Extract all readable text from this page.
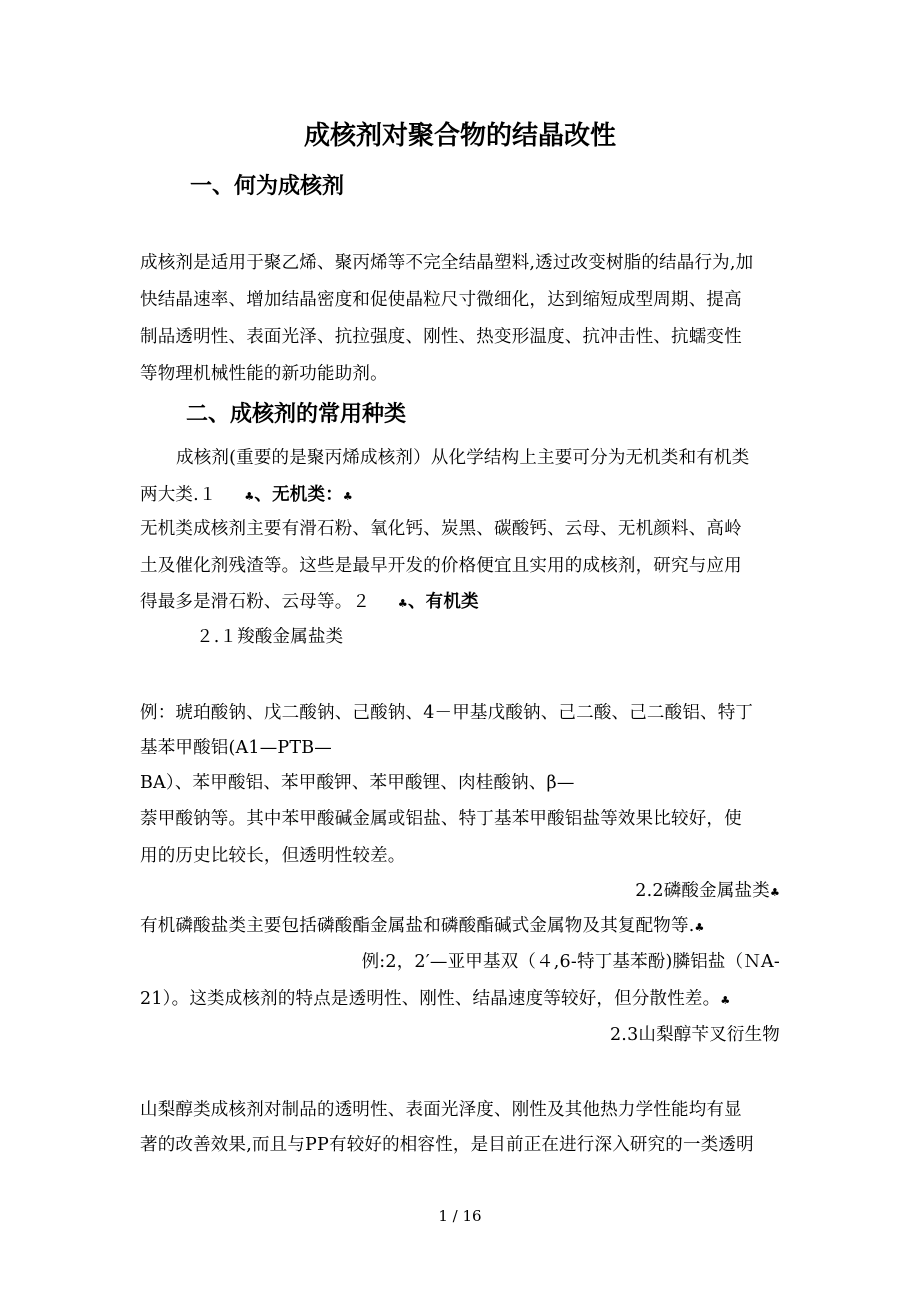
成核剂对聚合物的结晶改性
一、何为成核剂
成核剂是适用于聚乙烯、聚丙烯等不完全结晶塑料,透过改变树脂的结晶行为,加
快结晶速率、增加结晶密度和促使晶粒尺寸微细化，达到缩短成型周期、提高
制品透明性、表面光泽、抗拉强度、刚性、热变形温度、抗冲击性、抗蠕变性
等物理机械性能的新功能助剂。
二、成核剂的常用种类
成核剂(重要的是聚丙烯成核剂）从化学结构上主要可分为无机类和有机类
两大类.１ ♣、无机类：♣
无机类成核剂主要有滑石粉、氧化钙、炭黑、碳酸钙、云母、无机颜料、高岭
土及催化剂残渣等。这些是最早开发的价格便宜且实用的成核剂，研究与应用
得最多是滑石粉、云母等。２ ♣、有机类
２.１羧酸金属盐类
例：琥珀酸钠、戊二酸钠、己酸钠、4－甲基戊酸钠、己二酸、己二酸铝、特丁
基苯甲酸铝(A1—PTB—
BA）、苯甲酸铝、苯甲酸钾、苯甲酸锂、肉桂酸钠、β—
萘甲酸钠等。其中苯甲酸碱金属或铝盐、特丁基苯甲酸铝盐等效果比较好，使
用的历史比较长，但透明性较差。
2.2磷酸金属盐类♣
有机磷酸盐类主要包括磷酸酯金属盐和磷酸酯碱式金属物及其复配物等.♣
例:2，2′—亚甲基双（４,6-特丁基苯酚)膦铝盐（ＮA-
21）。这类成核剂的特点是透明性、刚性、结晶速度等较好，但分散性差。♣
2.3山梨醇苄叉衍生物
山梨醇类成核剂对制品的透明性、表面光泽度、刚性及其他热力学性能均有显
著的改善效果,而且与PP有较好的相容性，是目前正在进行深入研究的一类透明
1 / 16
